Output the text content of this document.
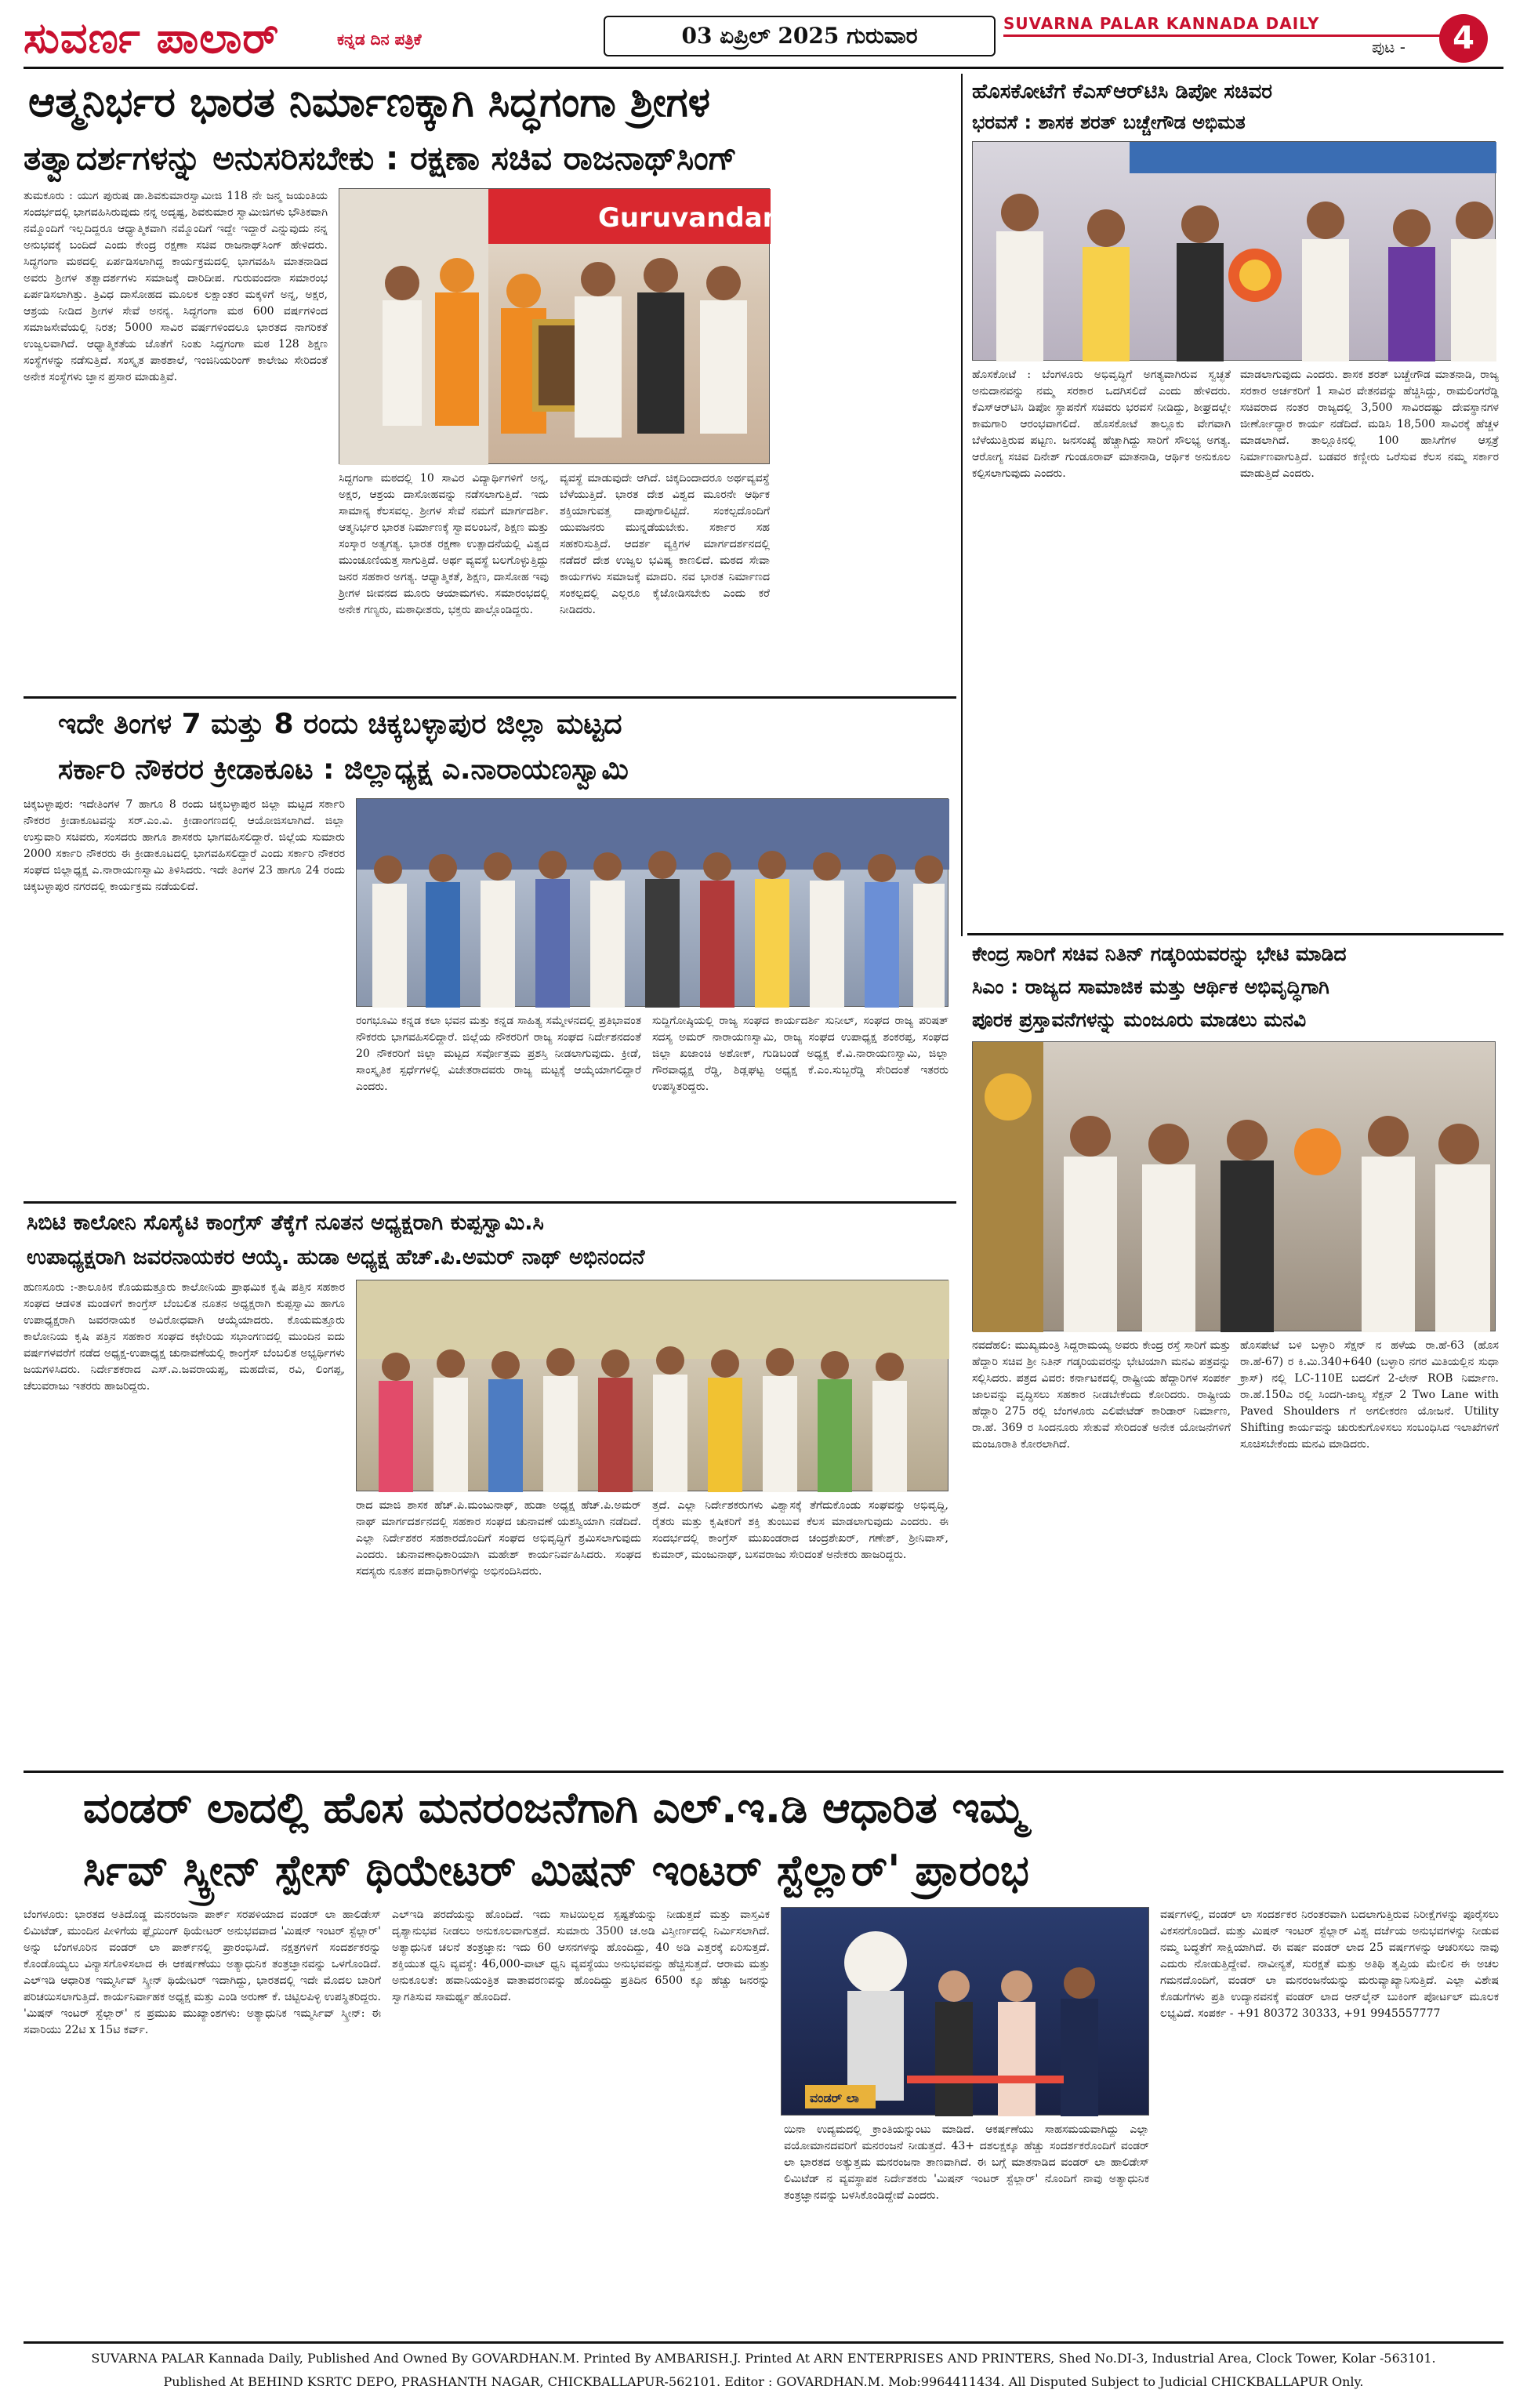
ಸುವರ್ಣ ಪಾಲಾರ್	ಕನ್ನಡ ದಿನ ಪತ್ರಿಕೆ	03 ಏಪ್ರಿಲ್ 2025 ಗುರುವಾರ	SUVARNA PALAR KANNADA DAILY
ಪುಟ -	4
ಆತ್ಮನಿರ್ಭರ ಭಾರತ ನಿರ್ಮಾಣಕ್ಕಾಗಿ ಸಿದ್ಧಗಂಗಾ ಶ್ರೀಗಳ
ತತ್ವಾದರ್ಶಗಳನ್ನು ಅನುಸರಿಸಬೇಕು : ರಕ್ಷಣಾ ಸಚಿವ ರಾಜನಾಥ್‌ಸಿಂಗ್
ತುಮಕೂರು : ಯುಗ ಪುರುಷ ಡಾ.ಶಿವಕುಮಾರಸ್ವಾಮೀಜಿ 118 ನೇ ಜನ್ಮ ಜಯಂತಿಯ ಸಂದರ್ಭದಲ್ಲಿ ಭಾಗವಹಿಸಿರುವುದು ನನ್ನ ಅದೃಷ್ಟ, ಶಿವಕುಮಾರ ಸ್ವಾಮೀಜಿಗಳು ಭೌತಿಕವಾಗಿ ನಮ್ಮೊಂದಿಗೆ ಇಲ್ಲದಿದ್ದರೂ ಆಧ್ಯಾತ್ಮಿಕವಾಗಿ ನಮ್ಮೊಂದಿಗೆ ಇದ್ದೇ ಇದ್ದಾರೆ ಎನ್ನುವುದು ನನ್ನ ಅನುಭವಕ್ಕೆ ಬಂದಿದೆ ಎಂದು ಕೇಂದ್ರ ರಕ್ಷಣಾ ಸಚಿವ ರಾಜನಾಥ್‌ಸಿಂಗ್ ಹೇಳಿದರು. ಸಿದ್ಧಗಂಗಾ ಮಠದಲ್ಲಿ ಏರ್ಪಡಿಸಲಾಗಿದ್ದ ಕಾರ್ಯಕ್ರಮದಲ್ಲಿ ಭಾಗವಹಿಸಿ ಮಾತನಾಡಿದ ಅವರು ಶ್ರೀಗಳ ತತ್ವಾದರ್ಶಗಳು ಸಮಾಜಕ್ಕೆ ದಾರಿದೀಪ. ಗುರುವಂದನಾ ಸಮಾರಂಭ ಏರ್ಪಡಿಸಲಾಗಿತ್ತು. ತ್ರಿವಿಧ ದಾಸೋಹದ ಮೂಲಕ ಲಕ್ಷಾಂತರ ಮಕ್ಕಳಿಗೆ ಅನ್ನ, ಅಕ್ಷರ, ಆಶ್ರಯ ನೀಡಿದ ಶ್ರೀಗಳ ಸೇವೆ ಅನನ್ಯ. ಸಿದ್ಧಗಂಗಾ ಮಠ 600 ವರ್ಷಗಳಿಂದ ಸಮಾಜಸೇವೆಯಲ್ಲಿ ನಿರತ; 5000 ಸಾವಿರ ವರ್ಷಗಳಿಂದಲೂ ಭಾರತದ ನಾಗರಿಕತೆ ಉಜ್ವಲವಾಗಿದೆ. ಆಧ್ಯಾತ್ಮಿಕತೆಯ ಜೊತೆಗೆ ನಿಂತು ಸಿದ್ಧಗಂಗಾ ಮಠ 128 ಶಿಕ್ಷಣ ಸಂಸ್ಥೆಗಳನ್ನು ನಡೆಸುತ್ತಿದೆ. ಸಂಸ್ಕೃತ ಪಾಠಶಾಲೆ, ಇಂಜಿನಿಯರಿಂಗ್ ಕಾಲೇಜು ಸೇರಿದಂತೆ ಅನೇಕ ಸಂಸ್ಥೆಗಳು ಜ್ಞಾನ ಪ್ರಸಾರ ಮಾಡುತ್ತಿವೆ.
Guruvandana
ಸಿದ್ಧಗಂಗಾ ಮಠದಲ್ಲಿ 10 ಸಾವಿರ ವಿದ್ಯಾರ್ಥಿಗಳಿಗೆ ಅನ್ನ, ಅಕ್ಷರ, ಆಶ್ರಯ ದಾಸೋಹವನ್ನು ನಡೆಸಲಾಗುತ್ತಿದೆ. ಇದು ಸಾಮಾನ್ಯ ಕೆಲಸವಲ್ಲ. ಶ್ರೀಗಳ ಸೇವೆ ನಮಗೆ ಮಾರ್ಗದರ್ಶಿ. ಆತ್ಮನಿರ್ಭರ ಭಾರತ ನಿರ್ಮಾಣಕ್ಕೆ ಸ್ವಾವಲಂಬನೆ, ಶಿಕ್ಷಣ ಮತ್ತು ಸಂಸ್ಕಾರ ಅತ್ಯಗತ್ಯ. ಭಾರತ ರಕ್ಷಣಾ ಉತ್ಪಾದನೆಯಲ್ಲಿ ವಿಶ್ವದ ಮುಂಚೂಣಿಯತ್ತ ಸಾಗುತ್ತಿದೆ. ಅರ್ಥ ವ್ಯವಸ್ಥೆ ಬಲಗೊಳ್ಳುತ್ತಿದ್ದು ಜನರ ಸಹಕಾರ ಅಗತ್ಯ. ಆಧ್ಯಾತ್ಮಿಕತೆ, ಶಿಕ್ಷಣ, ದಾಸೋಹ ಇವು ಶ್ರೀಗಳ ಜೀವನದ ಮೂರು ಆಯಾಮಗಳು. ಸಮಾರಂಭದಲ್ಲಿ ಅನೇಕ ಗಣ್ಯರು, ಮಠಾಧೀಶರು, ಭಕ್ತರು ಪಾಲ್ಗೊಂಡಿದ್ದರು.
ವ್ಯವಸ್ಥೆ ಮಾಡುವುದೇ ಆಗಿದೆ. ಚಿಕ್ಕದಿಂದಾದರೂ ಅರ್ಥವ್ಯವಸ್ಥೆ ಬೆಳೆಯುತ್ತಿದೆ. ಭಾರತ ದೇಶ ವಿಶ್ವದ ಮೂರನೇ ಆರ್ಥಿಕ ಶಕ್ತಿಯಾಗುವತ್ತ ದಾಪುಗಾಲಿಟ್ಟಿದೆ. ಸಂಕಲ್ಪದೊಂದಿಗೆ ಯುವಜನರು ಮುನ್ನಡೆಯಬೇಕು. ಸರ್ಕಾರ ಸಹ ಸಹಕರಿಸುತ್ತಿದೆ. ಆದರ್ಶ ವ್ಯಕ್ತಿಗಳ ಮಾರ್ಗದರ್ಶನದಲ್ಲಿ ನಡೆದರೆ ದೇಶ ಉಜ್ವಲ ಭವಿಷ್ಯ ಕಾಣಲಿದೆ. ಮಠದ ಸೇವಾ ಕಾರ್ಯಗಳು ಸಮಾಜಕ್ಕೆ ಮಾದರಿ. ನವ ಭಾರತ ನಿರ್ಮಾಣದ ಸಂಕಲ್ಪದಲ್ಲಿ ಎಲ್ಲರೂ ಕೈಜೋಡಿಸಬೇಕು ಎಂದು ಕರೆ ನೀಡಿದರು.
ಹೊಸಕೋಟೆಗೆ ಕೆಎಸ್‌ಆರ್‌ಟಿಸಿ ಡಿಪೋ ಸಚಿವರ
ಭರವಸೆ : ಶಾಸಕ ಶರತ್ ಬಚ್ಚೇಗೌಡ ಅಭಿಮತ
ಹೊಸಕೋಟೆ : ಬೆಂಗಳೂರು ಅಭಿವೃದ್ಧಿಗೆ ಅಗತ್ಯವಾಗಿರುವ ಸ್ವಚ್ಛತೆ ಅನುದಾನವನ್ನು ನಮ್ಮ ಸರಕಾರ ಒದಗಿಸಲಿದೆ ಎಂದು ಹೇಳಿದರು. ಕೆಎಸ್‌ಆರ್‌ಟಿಸಿ ಡಿಪೋ ಸ್ಥಾಪನೆಗೆ ಸಚಿವರು ಭರವಸೆ ನೀಡಿದ್ದು, ಶೀಘ್ರದಲ್ಲೇ ಕಾಮಗಾರಿ ಆರಂಭವಾಗಲಿದೆ. ಹೊಸಕೋಟೆ ತಾಲ್ಲೂಕು ವೇಗವಾಗಿ ಬೆಳೆಯುತ್ತಿರುವ ಪಟ್ಟಣ. ಜನಸಂಖ್ಯೆ ಹೆಚ್ಚಾಗಿದ್ದು ಸಾರಿಗೆ ಸೌಲಭ್ಯ ಅಗತ್ಯ. ಆರೋಗ್ಯ ಸಚಿವ ದಿನೇಶ್ ಗುಂಡೂರಾವ್ ಮಾತನಾಡಿ, ಆರ್ಥಿಕ ಅನುಕೂಲ ಕಲ್ಪಿಸಲಾಗುವುದು ಎಂದರು.
ಮಾಡಲಾಗುವುದು ಎಂದರು. ಶಾಸಕ ಶರತ್ ಬಚ್ಚೇಗೌಡ ಮಾತನಾಡಿ, ರಾಜ್ಯ ಸರಕಾರ ಅರ್ಚಕರಿಗೆ 1 ಸಾವಿರ ವೇತನವನ್ನು ಹೆಚ್ಚಿಸಿದ್ದು, ರಾಮಲಿಂಗರೆಡ್ಡಿ ಸಚಿವರಾದ ನಂತರ ರಾಜ್ಯದಲ್ಲಿ 3,500 ಸಾವಿರದಷ್ಟು ದೇವಸ್ಥಾನಗಳ ಜೀರ್ಣೋದ್ಧಾರ ಕಾರ್ಯ ನಡೆದಿದೆ. ಮಡಿಸಿ 18,500 ಸಾವಿರಕ್ಕೆ ಹೆಚ್ಚಳ ಮಾಡಲಾಗಿದೆ. ತಾಲ್ಲೂಕಿನಲ್ಲಿ 100 ಹಾಸಿಗೆಗಳ ಆಸ್ಪತ್ರೆ ನಿರ್ಮಾಣವಾಗುತ್ತಿದೆ. ಬಡವರ ಕಣ್ಣೀರು ಒರೆಸುವ ಕೆಲಸ ನಮ್ಮ ಸರ್ಕಾರ ಮಾಡುತ್ತಿದೆ ಎಂದರು.
ಇದೇ ತಿಂಗಳ 7 ಮತ್ತು 8 ರಂದು ಚಿಕ್ಕಬಳ್ಳಾಪುರ ಜಿಲ್ಲಾ ಮಟ್ಟದ
ಸರ್ಕಾರಿ ನೌಕರರ ಕ್ರೀಡಾಕೂಟ : ಜಿಲ್ಲಾಧ್ಯಕ್ಷ ಎ.ನಾರಾಯಣಸ್ವಾಮಿ
ಚಿಕ್ಕಬಳ್ಳಾಪುರ: ಇದೇತಿಂಗಳ 7 ಹಾಗೂ 8 ರಂದು ಚಿಕ್ಕಬಳ್ಳಾಪುರ ಜಿಲ್ಲಾ ಮಟ್ಟದ ಸರ್ಕಾರಿ ನೌಕರರ ಕ್ರೀಡಾಕೂಟವನ್ನು ಸರ್.ಎಂ.ವಿ. ಕ್ರೀಡಾಂಗಣದಲ್ಲಿ ಆಯೋಜಿಸಲಾಗಿದೆ. ಜಿಲ್ಲಾ ಉಸ್ತುವಾರಿ ಸಚಿವರು, ಸಂಸದರು ಹಾಗೂ ಶಾಸಕರು ಭಾಗವಹಿಸಲಿದ್ದಾರೆ. ಜಿಲ್ಲೆಯ ಸುಮಾರು 2000 ಸರ್ಕಾರಿ ನೌಕರರು ಈ ಕ್ರೀಡಾಕೂಟದಲ್ಲಿ ಭಾಗವಹಿಸಲಿದ್ದಾರೆ ಎಂದು ಸರ್ಕಾರಿ ನೌಕರರ ಸಂಘದ ಜಿಲ್ಲಾಧ್ಯಕ್ಷ ಎ.ನಾರಾಯಣಸ್ವಾಮಿ ತಿಳಿಸಿದರು. ಇದೇ ತಿಂಗಳ 23 ಹಾಗೂ 24 ರಂದು ಚಿಕ್ಕಬಳ್ಳಾಪುರ ನಗರದಲ್ಲಿ ಕಾರ್ಯಕ್ರಮ ನಡೆಯಲಿದೆ.
ರಂಗಭೂಮಿ ಕನ್ನಡ ಕಲಾ ಭವನ ಮತ್ತು ಕನ್ನಡ ಸಾಹಿತ್ಯ ಸಮ್ಮೇಳನದಲ್ಲಿ ಪ್ರತಿಭಾವಂತ ನೌಕರರು ಭಾಗವಹಿಸಲಿದ್ದಾರೆ. ಜಿಲ್ಲೆಯ ನೌಕರರಿಗೆ ರಾಜ್ಯ ಸಂಘದ ನಿರ್ದೇಶನದಂತೆ 20 ನೌಕರರಿಗೆ ಜಿಲ್ಲಾ ಮಟ್ಟದ ಸರ್ವೋತ್ತಮ ಪ್ರಶಸ್ತಿ ನೀಡಲಾಗುವುದು. ಕ್ರೀಡೆ, ಸಾಂಸ್ಕೃತಿಕ ಸ್ಪರ್ಧೆಗಳಲ್ಲಿ ವಿಜೇತರಾದವರು ರಾಜ್ಯ ಮಟ್ಟಕ್ಕೆ ಆಯ್ಕೆಯಾಗಲಿದ್ದಾರೆ ಎಂದರು.
ಸುದ್ದಿಗೋಷ್ಠಿಯಲ್ಲಿ ರಾಜ್ಯ ಸಂಘದ ಕಾರ್ಯದರ್ಶಿ ಸುನೀಲ್, ಸಂಘದ ರಾಜ್ಯ ಪರಿಷತ್ ಸದಸ್ಯ ಅಮರ್ ನಾರಾಯಣಸ್ವಾಮಿ, ರಾಜ್ಯ ಸಂಘದ ಉಪಾಧ್ಯಕ್ಷ ಶಂಕರಪ್ಪ, ಸಂಘದ ಜಿಲ್ಲಾ ಖಜಾಂಚಿ ಅಶೋಕ್, ಗುಡಿಬಂಡೆ ಅಧ್ಯಕ್ಷ ಕೆ.ವಿ.ನಾರಾಯಣಸ್ವಾಮಿ, ಜಿಲ್ಲಾ ಗೌರವಾಧ್ಯಕ್ಷ ರೆಡ್ಡಿ, ಶಿಡ್ಲಘಟ್ಟ ಅಧ್ಯಕ್ಷ ಕೆ.ಎಂ.ಸುಬ್ಬರೆಡ್ಡಿ ಸೇರಿದಂತೆ ಇತರರು ಉಪಸ್ಥಿತರಿದ್ದರು.
ಕೇಂದ್ರ ಸಾರಿಗೆ ಸಚಿವ ನಿತಿನ್ ಗಡ್ಕರಿಯವರನ್ನು ಭೇಟಿ ಮಾಡಿದ
ಸಿಎಂ : ರಾಜ್ಯದ ಸಾಮಾಜಿಕ ಮತ್ತು ಆರ್ಥಿಕ ಅಭಿವೃದ್ಧಿಗಾಗಿ
ಪೂರಕ ಪ್ರಸ್ತಾವನೆಗಳನ್ನು ಮಂಜೂರು ಮಾಡಲು ಮನವಿ
ನವದೆಹಲಿ: ಮುಖ್ಯಮಂತ್ರಿ ಸಿದ್ದರಾಮಯ್ಯ ಅವರು ಕೇಂದ್ರ ರಸ್ತೆ ಸಾರಿಗೆ ಮತ್ತು ಹೆದ್ದಾರಿ ಸಚಿವ ಶ್ರೀ ನಿತಿನ್ ಗಡ್ಕರಿಯವರನ್ನು ಭೇಟಿಯಾಗಿ ಮನವಿ ಪತ್ರವನ್ನು ಸಲ್ಲಿಸಿದರು. ಪತ್ರದ ವಿವರ: ಕರ್ನಾಟಕದಲ್ಲಿ ರಾಷ್ಟ್ರೀಯ ಹೆದ್ದಾರಿಗಳ ಸಂಪರ್ಕ ಜಾಲವನ್ನು ವೃದ್ಧಿಸಲು ಸಹಕಾರ ನೀಡಬೇಕೆಂದು ಕೋರಿದರು. ರಾಷ್ಟ್ರೀಯ ಹೆದ್ದಾರಿ 275 ರಲ್ಲಿ ಬೆಂಗಳೂರು ಎಲಿವೇಟೆಡ್ ಕಾರಿಡಾರ್ ನಿರ್ಮಾಣ, ರಾ.ಹೆ. 369 ರ ಸಿಂದನೂರು ಸೇತುವೆ ಸೇರಿದಂತೆ ಅನೇಕ ಯೋಜನೆಗಳಿಗೆ ಮಂಜೂರಾತಿ ಕೋರಲಾಗಿದೆ.
ಹೊಸಪೇಟೆ ಬಳಿ ಬಳ್ಳಾರಿ ಸೆಕ್ಷನ್ ನ ಹಳೆಯ ರಾ.ಹೆ-63 (ಹೊಸ ರಾ.ಹೆ-67) ರ ಕಿ.ಮಿ.340+640 (ಬಳ್ಳಾರಿ ನಗರ ಮಿತಿಯಲ್ಲಿನ ಸುಧಾ ಕ್ರಾಸ್) ನಲ್ಲಿ LC-110E ಬದಲಿಗೆ 2-ಲೇನ್ ROB ನಿರ್ಮಾಣ. ರಾ.ಹೆ.150ಎ ರಲ್ಲಿ ಸಿಂದಗಿ-ಜಾಲ್ಯ ಸೆಕ್ಷನ್ 2 Two Lane with Paved Shoulders ಗೆ ಅಗಲೀಕರಣ ಯೋಜನೆ. Utility Shifting ಕಾರ್ಯವನ್ನು ಚುರುಕುಗೊಳಿಸಲು ಸಂಬಂಧಿಸಿದ ಇಲಾಖೆಗಳಿಗೆ ಸೂಚಿಸಬೇಕೆಂದು ಮನವಿ ಮಾಡಿದರು.
ಸಿಬಿಟಿ ಕಾಲೋನಿ ಸೊಸೈಟಿ ಕಾಂಗ್ರೆಸ್ ತೆಕ್ಕೆಗೆ ನೂತನ ಅಧ್ಯಕ್ಷರಾಗಿ ಕುಪ್ಪಸ್ವಾಮಿ.ಸಿ
ಉಪಾಧ್ಯಕ್ಷರಾಗಿ ಜವರನಾಯಕರ ಆಯ್ಕೆ. ಹುಡಾ ಅಧ್ಯಕ್ಷ ಹೆಚ್.ಪಿ.ಅಮರ್ ನಾಥ್ ಅಭಿನಂದನೆ
ಹುಣಸೂರು :-ತಾಲೂಕಿನ ಕೊಯಮತ್ತೂರು ಕಾಲೋನಿಯ ಪ್ರಾಥಮಿಕ ಕೃಷಿ ಪತ್ತಿನ ಸಹಕಾರ ಸಂಘದ ಆಡಳಿತ ಮಂಡಳಿಗೆ ಕಾಂಗ್ರೆಸ್ ಬೆಂಬಲಿತ ನೂತನ ಅಧ್ಯಕ್ಷರಾಗಿ ಕುಪ್ಪಸ್ವಾಮಿ ಹಾಗೂ ಉಪಾಧ್ಯಕ್ಷರಾಗಿ ಜವರನಾಯಕ ಅವಿರೋಧವಾಗಿ ಆಯ್ಕೆಯಾದರು. ಕೊಯಮತ್ತೂರು ಕಾಲೋನಿಯ ಕೃಷಿ ಪತ್ತಿನ ಸಹಕಾರ ಸಂಘದ ಕಛೇರಿಯ ಸಭಾಂಗಣದಲ್ಲಿ ಮುಂದಿನ ಐದು ವರ್ಷಗಳವರೆಗೆ ನಡೆದ ಅಧ್ಯಕ್ಷ-ಉಪಾಧ್ಯಕ್ಷ ಚುನಾವಣೆಯಲ್ಲಿ ಕಾಂಗ್ರೆಸ್ ಬೆಂಬಲಿತ ಅಭ್ಯರ್ಥಿಗಳು ಜಯಗಳಿಸಿದರು. ನಿರ್ದೇಶಕರಾದ ಎಸ್.ಎ.ಜವರಾಯಪ್ಪ, ಮಹದೇವ, ರವಿ, ಲಿಂಗಪ್ಪ, ಚೆಲುವರಾಜು ಇತರರು ಹಾಜರಿದ್ದರು.
ರಾದ ಮಾಜಿ ಶಾಸಕ ಹೆಚ್.ಪಿ.ಮಂಜುನಾಥ್, ಹುಡಾ ಅಧ್ಯಕ್ಷ ಹೆಚ್.ಪಿ.ಅಮರ್ ನಾಥ್ ಮಾರ್ಗದರ್ಶನದಲ್ಲಿ ಸಹಕಾರ ಸಂಘದ ಚುನಾವಣೆ ಯಶಸ್ವಿಯಾಗಿ ನಡೆದಿದೆ. ಎಲ್ಲಾ ನಿರ್ದೇಶಕರ ಸಹಕಾರದೊಂದಿಗೆ ಸಂಘದ ಅಭಿವೃದ್ಧಿಗೆ ಶ್ರಮಿಸಲಾಗುವುದು ಎಂದರು. ಚುನಾವಣಾಧಿಕಾರಿಯಾಗಿ ಮಹೇಶ್ ಕಾರ್ಯನಿರ್ವಹಿಸಿದರು. ಸಂಘದ ಸದಸ್ಯರು ನೂತನ ಪದಾಧಿಕಾರಿಗಳನ್ನು ಅಭಿನಂದಿಸಿದರು.
ತ್ತದೆ. ಎಲ್ಲಾ ನಿರ್ದೇಶಕರುಗಳು ವಿಶ್ವಾಸಕ್ಕೆ ತೆಗೆದುಕೊಂಡು ಸಂಘವನ್ನು ಅಭಿವೃದ್ಧಿ, ರೈತರು ಮತ್ತು ಕೃಷಿಕರಿಗೆ ಶಕ್ತಿ ತುಂಬುವ ಕೆಲಸ ಮಾಡಲಾಗುವುದು ಎಂದರು. ಈ ಸಂದರ್ಭದಲ್ಲಿ ಕಾಂಗ್ರೆಸ್ ಮುಖಂಡರಾದ ಚಂದ್ರಶೇಖರ್, ಗಣೇಶ್, ಶ್ರೀನಿವಾಸ್, ಕುಮಾರ್, ಮಂಜುನಾಥ್, ಬಸವರಾಜು ಸೇರಿದಂತೆ ಅನೇಕರು ಹಾಜರಿದ್ದರು.
ವಂಡರ್ ಲಾದಲ್ಲಿ ಹೊಸ ಮನರಂಜನೆಗಾಗಿ ಎಲ್.ಇ.ಡಿ ಆಧಾರಿತ ಇಮ್ಮ
ರ್ಸಿವ್ ಸ್ಕ್ರೀನ್ ಸ್ಪೇಸ್ ಥಿಯೇಟರ್ ಮಿಷನ್ ಇಂಟರ್ ಸ್ಟೆಲ್ಲಾರ್' ಪ್ರಾರಂಭ
ಬೆಂಗಳೂರು: ಭಾರತದ ಅತಿದೊಡ್ಡ ಮನರಂಜನಾ ಪಾರ್ಕ್ ಸರಪಳಿಯಾದ ವಂಡರ್ ಲಾ ಹಾಲಿಡೇಸ್ ಲಿಮಿಟೆಡ್, ಮುಂದಿನ ಪೀಳಿಗೆಯ ಫ್ಲೈಯಿಂಗ್ ಥಿಯೇಟರ್ ಅನುಭವವಾದ 'ಮಿಷನ್ ಇಂಟರ್ ಸ್ಟೆಲ್ಲಾರ್' ಅನ್ನು ಬೆಂಗಳೂರಿನ ವಂಡರ್ ಲಾ ಪಾರ್ಕ್‌ನಲ್ಲಿ ಪ್ರಾರಂಭಿಸಿದೆ. ನಕ್ಷತ್ರಗಳಿಗೆ ಸಂದರ್ಶಕರನ್ನು ಕೊಂಡೊಯ್ಯಲು ವಿನ್ಯಾಸಗೊಳಿಸಲಾದ ಈ ಆಕರ್ಷಣೆಯು ಅತ್ಯಾಧುನಿಕ ತಂತ್ರಜ್ಞಾನವನ್ನು ಒಳಗೊಂಡಿದೆ. ಎಲ್‌ಇಡಿ ಆಧಾರಿತ ಇಮ್ಮರ್ಸಿವ್ ಸ್ಕ್ರೀನ್ ಥಿಯೇಟರ್ ಇದಾಗಿದ್ದು, ಭಾರತದಲ್ಲಿ ಇದೇ ಮೊದಲ ಬಾರಿಗೆ ಪರಿಚಯಿಸಲಾಗುತ್ತಿದೆ. ಕಾರ್ಯನಿರ್ವಾಹಕ ಅಧ್ಯಕ್ಷ ಮತ್ತು ಎಂಡಿ ಅರುಣ್ ಕೆ. ಚಿಟ್ಟಿಲಪಿಳ್ಳಿ ಉಪಸ್ಥಿತರಿದ್ದರು. 'ಮಿಷನ್ ಇಂಟರ್ ಸ್ಟೆಲ್ಲಾರ್' ನ ಪ್ರಮುಖ ಮುಖ್ಯಾಂಶಗಳು: ಅತ್ಯಾಧುನಿಕ ಇಮ್ಮರ್ಸಿವ್ ಸ್ಕ್ರೀನ್: ಈ ಸವಾರಿಯು 22ಟಿ x 15ಟಿ ಕರ್ವ್.
ಎಲ್‌ಇಡಿ ಪರದೆಯನ್ನು ಹೊಂದಿದೆ. ಇದು ಸಾಟಿಯಿಲ್ಲದ ಸ್ಪಷ್ಟತೆಯನ್ನು ನೀಡುತ್ತದೆ ಮತ್ತು ವಾಸ್ತವಿಕ ದೃಶ್ಯಾನುಭವ ನೀಡಲು ಅನುಕೂಲವಾಗುತ್ತದೆ. ಸುಮಾರು 3500 ಚ.ಅಡಿ ವಿಸ್ತೀರ್ಣದಲ್ಲಿ ನಿರ್ಮಿಸಲಾಗಿದೆ. ಅತ್ಯಾಧುನಿಕ ಚಲನೆ ತಂತ್ರಜ್ಞಾನ: ಇದು 60 ಆಸನಗಳನ್ನು ಹೊಂದಿದ್ದು, 40 ಅಡಿ ಎತ್ತರಕ್ಕೆ ಏರಿಸುತ್ತದೆ. ಶಕ್ತಿಯುತ ಧ್ವನಿ ವ್ಯವಸ್ಥೆ: 46,000-ವಾಟ್ ಧ್ವನಿ ವ್ಯವಸ್ಥೆಯು ಅನುಭವವನ್ನು ಹೆಚ್ಚಿಸುತ್ತದೆ. ಆರಾಮ ಮತ್ತು ಅನುಕೂಲತೆ: ಹವಾನಿಯಂತ್ರಿತ ವಾತಾವರಣವನ್ನು ಹೊಂದಿದ್ದು ಪ್ರತಿದಿನ 6500 ಕ್ಕೂ ಹೆಚ್ಚು ಜನರನ್ನು ಸ್ವಾಗತಿಸುವ ಸಾಮರ್ಥ್ಯ ಹೊಂದಿದೆ.
ವಂಡರ್ ಲಾ
ಯಿನಾ ಉದ್ಯಮದಲ್ಲಿ ಕ್ರಾಂತಿಯನ್ನುಂಟು ಮಾಡಿದೆ. ಆಕರ್ಷಣೆಯು ಸಾಹಸಮಯವಾಗಿದ್ದು ಎಲ್ಲಾ ವಯೋಮಾನದವರಿಗೆ ಮನರಂಜನೆ ನೀಡುತ್ತದೆ. 43+ ದಶಲಕ್ಷಕ್ಕೂ ಹೆಚ್ಚು ಸಂದರ್ಶಕರೊಂದಿಗೆ ವಂಡರ್ ಲಾ ಭಾರತದ ಅತ್ಯುತ್ತಮ ಮನರಂಜನಾ ತಾಣವಾಗಿದೆ. ಈ ಬಗ್ಗೆ ಮಾತನಾಡಿದ ವಂಡರ್ ಲಾ ಹಾಲಿಡೇಸ್ ಲಿಮಿಟೆಡ್ ನ ವ್ಯವಸ್ಥಾಪಕ ನಿರ್ದೇಶಕರು 'ಮಿಷನ್ ಇಂಟರ್ ಸ್ಟೆಲ್ಲಾರ್' ನೊಂದಿಗೆ ನಾವು ಅತ್ಯಾಧುನಿಕ ತಂತ್ರಜ್ಞಾನವನ್ನು ಬಳಸಿಕೊಂಡಿದ್ದೇವೆ ಎಂದರು.
ವರ್ಷಗಳಲ್ಲಿ, ವಂಡರ್ ಲಾ ಸಂದರ್ಶಕರ ನಿರಂತರವಾಗಿ ಬದಲಾಗುತ್ತಿರುವ ನಿರೀಕ್ಷೆಗಳನ್ನು ಪೂರೈಸಲು ವಿಕಸನಗೊಂಡಿದೆ. ಮತ್ತು ಮಿಷನ್ ಇಂಟರ್ ಸ್ಟೆಲ್ಲಾರ್ ವಿಶ್ವ ದರ್ಜೆಯ ಅನುಭವಗಳನ್ನು ನೀಡುವ ನಮ್ಮ ಬದ್ಧತೆಗೆ ಸಾಕ್ಷಿಯಾಗಿದೆ. ಈ ವರ್ಷ ವಂಡರ್ ಲಾದ 25 ವರ್ಷಗಳನ್ನು ಆಚರಿಸಲು ನಾವು ಎದುರು ನೋಡುತ್ತಿದ್ದೇವೆ. ನಾವೀನ್ಯತೆ, ಸುರಕ್ಷತೆ ಮತ್ತು ಅತಿಥಿ ತೃಪ್ತಿಯ ಮೇಲಿನ ಈ ಅಚಲ ಗಮನದೊಂದಿಗೆ, ವಂಡರ್ ಲಾ ಮನರಂಜನೆಯನ್ನು ಮರುವ್ಯಾಖ್ಯಾನಿಸುತ್ತಿದೆ. ಎಲ್ಲಾ ವಿಶೇಷ ಕೊಡುಗೆಗಳು ಪ್ರತಿ ಉದ್ಯಾನವನಕ್ಕೆ ವಂಡರ್ ಲಾದ ಆನ್‌ಲೈನ್ ಬುಕಿಂಗ್ ಪೋರ್ಟಲ್ ಮೂಲಕ ಲಭ್ಯವಿದೆ. ಸಂಪರ್ಕ - +91 80372 30333, +91 9945557777
SUVARNA PALAR Kannada Daily, Published And Owned By GOVARDHAN.M. Printed By AMBARISH.J. Printed At ARN ENTERPRISES AND PRINTERS, Shed No.DI-3, Industrial Area, Clock Tower, Kolar -563101.
Published At BEHIND KSRTC DEPO, PRASHANTH NAGAR, CHICKBALLAPUR-562101. Editor : GOVARDHAN.M. Mob:9964411434. All Disputed Subject to Judicial CHICKBALLAPUR Only.
